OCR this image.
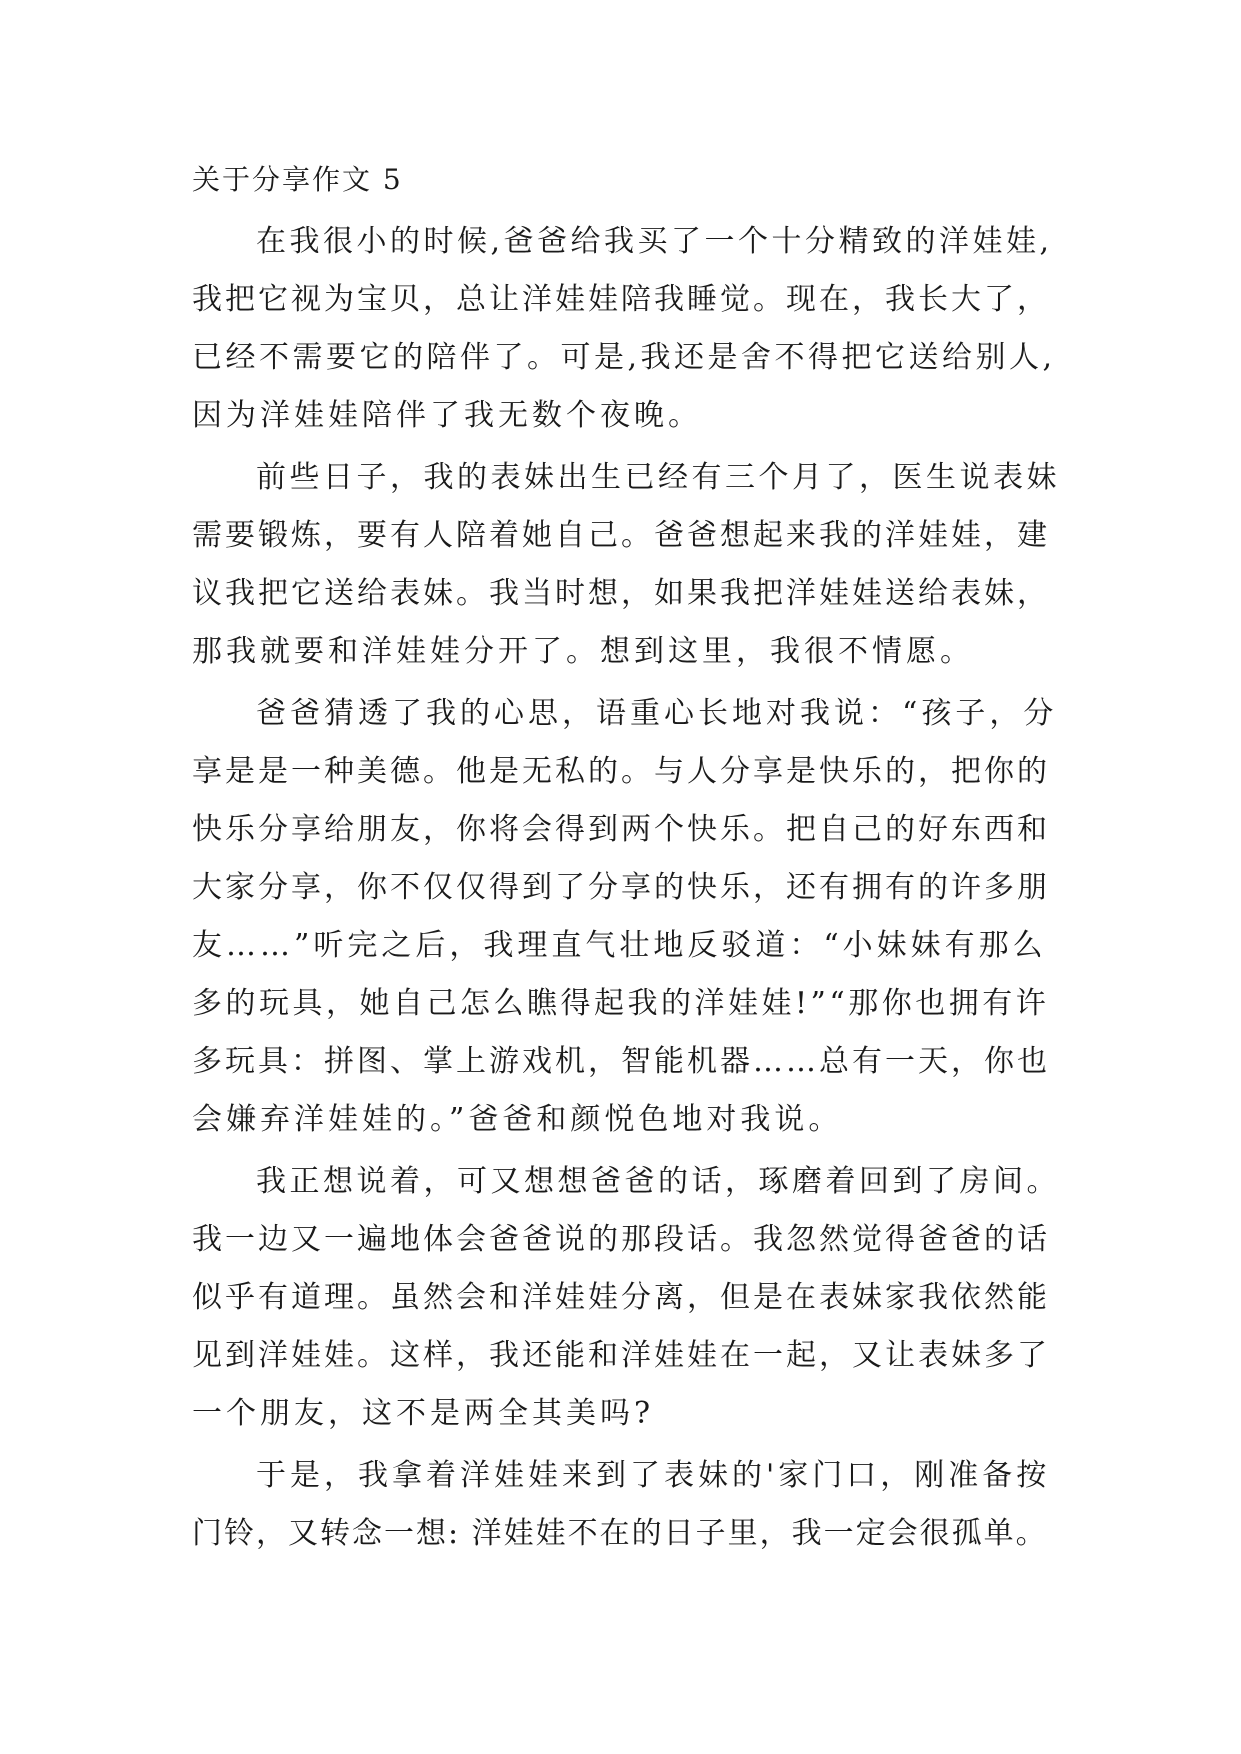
关于分享作文 5
在我很小的时候,爸爸给我买了一个十分精致的洋娃娃,
我把它视为宝贝，总让洋娃娃陪我睡觉。现在，我长大了，
已经不需要它的陪伴了。可是,我还是舍不得把它送给别人,
因为洋娃娃陪伴了我无数个夜晚。
前些日子，我的表妹出生已经有三个月了，医生说表妹
需要锻炼，要有人陪着她自己。爸爸想起来我的洋娃娃，建
议我把它送给表妹。我当时想，如果我把洋娃娃送给表妹，
那我就要和洋娃娃分开了。想到这里，我很不情愿。
爸爸猜透了我的心思，语重心长地对我说：“孩子，分
享是是一种美德。他是无私的。与人分享是快乐的，把你的
快乐分享给朋友，你将会得到两个快乐。把自己的好东西和
大家分享，你不仅仅得到了分享的快乐，还有拥有的许多朋
友……”听完之后，我理直气壮地反驳道：“小妹妹有那么
多的玩具，她自己怎么瞧得起我的洋娃娃!”“那你也拥有许
多玩具：拼图、掌上游戏机，智能机器……总有一天，你也
会嫌弃洋娃娃的。”爸爸和颜悦色地对我说。
我正想说着，可又想想爸爸的话，琢磨着回到了房间。
我一边又一遍地体会爸爸说的那段话。我忽然觉得爸爸的话
似乎有道理。虽然会和洋娃娃分离，但是在表妹家我依然能
见到洋娃娃。这样，我还能和洋娃娃在一起，又让表妹多了
一个朋友，这不是两全其美吗?
于是，我拿着洋娃娃来到了表妹的'家门口，刚准备按
门铃，又转念一想: 洋娃娃不在的日子里，我一定会很孤单。
